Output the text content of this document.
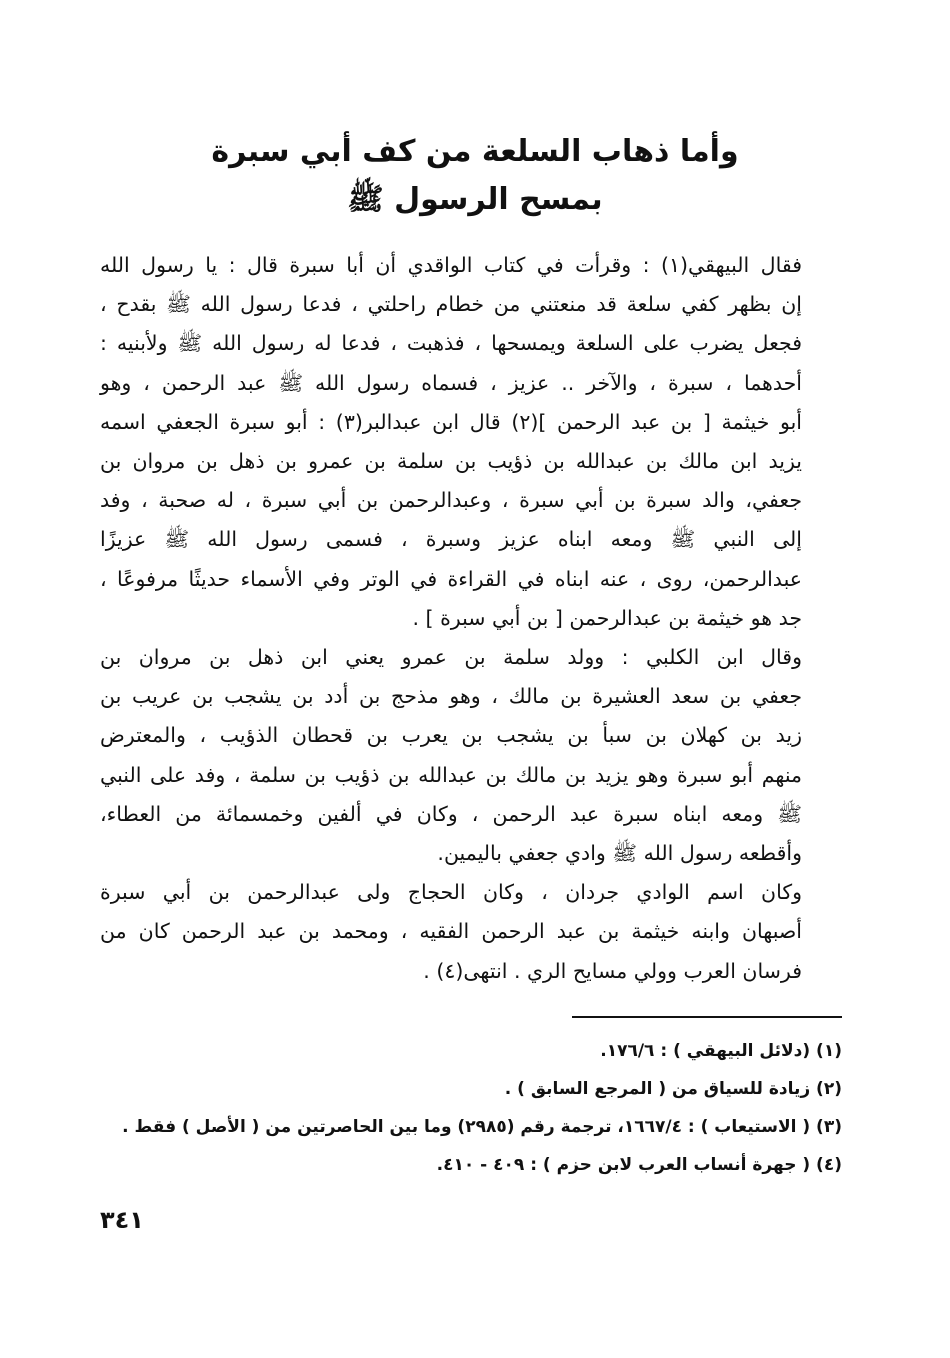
وأما ذهاب السلعة من كف أبي سبرة
بمسح الرسول ﷺ

فقال البيهقي(١) : وقرأت في كتاب الواقدي أن أبا سبرة قال : يا رسول الله
إن بظهر كفي سلعة قد منعتني من خطام راحلتي ، فدعا رسول الله ﷺ بقدح ،
فجعل يضرب على السلعة ويمسحها ، فذهبت ، فدعا له رسول الله ﷺ ولأبنيه :
أحدهما ، سبرة ، والآخر .. عزيز ، فسماه رسول الله ﷺ عبد الرحمن ، وهو
أبو خيثمة [ بن عبد الرحمن ](٢) قال ابن عبدالبر(٣) : أبو سبرة الجعفي اسمه
يزيد ابن مالك بن عبدالله بن ذؤيب بن سلمة بن عمرو بن ذهل بن مروان بن
جعفي، والد سبرة بن أبي سبرة ، وعبدالرحمن بن أبي سبرة ، له صحبة ، وفد
إلى النبي ﷺ ومعه ابناه عزيز وسبرة ، فسمى رسول الله ﷺ عزيزًا
عبدالرحمن، روى ، عنه ابناه في القراءة في الوتر وفي الأسماء حديثًا مرفوعًا ،
جد هو خيثمة بن عبدالرحمن [ بن أبي سبرة ] .

وقال ابن الكلبي : وولد سلمة بن عمرو يعني ابن ذهل بن مروان بن
جعفي بن سعد العشيرة بن مالك ، وهو مذحج بن أدد بن يشجب بن عريب بن
زيد بن كهلان بن سبأ بن يشجب بن يعرب بن قحطان الذؤيب ، والمعترض
منهم أبو سبرة وهو يزيد بن مالك بن عبدالله بن ذؤيب بن سلمة ، وفد على النبي
ﷺ ومعه ابناه سبرة عبد الرحمن ، وكان في ألفين وخمسمائة من العطاء،
وأقطعه رسول الله ﷺ وادي جعفي باليمين.

وكان اسم الوادي جردان ، وكان الحجاج ولى عبدالرحمن بن أبي سبرة
أصبهان وابنه خيثمة بن عبد الرحمن الفقيه ، ومحمد بن عبد الرحمن كان من
فرسان العرب وولي مسايح الري . انتهى(٤) .

(١) (دلائل البيهقي ) : ١٧٦/٦.
(٢) زيادة للسياق من ( المرجع السابق ) .
(٣) ( الاستيعاب ) : ١٦٦٧/٤، ترجمة رقم (٢٩٨٥) وما بين الحاصرتين من ( الأصل ) فقط .
(٤) ( جهرة أنساب العرب لابن حزم ) : ٤٠٩ - ٤١٠.
٣٤١
